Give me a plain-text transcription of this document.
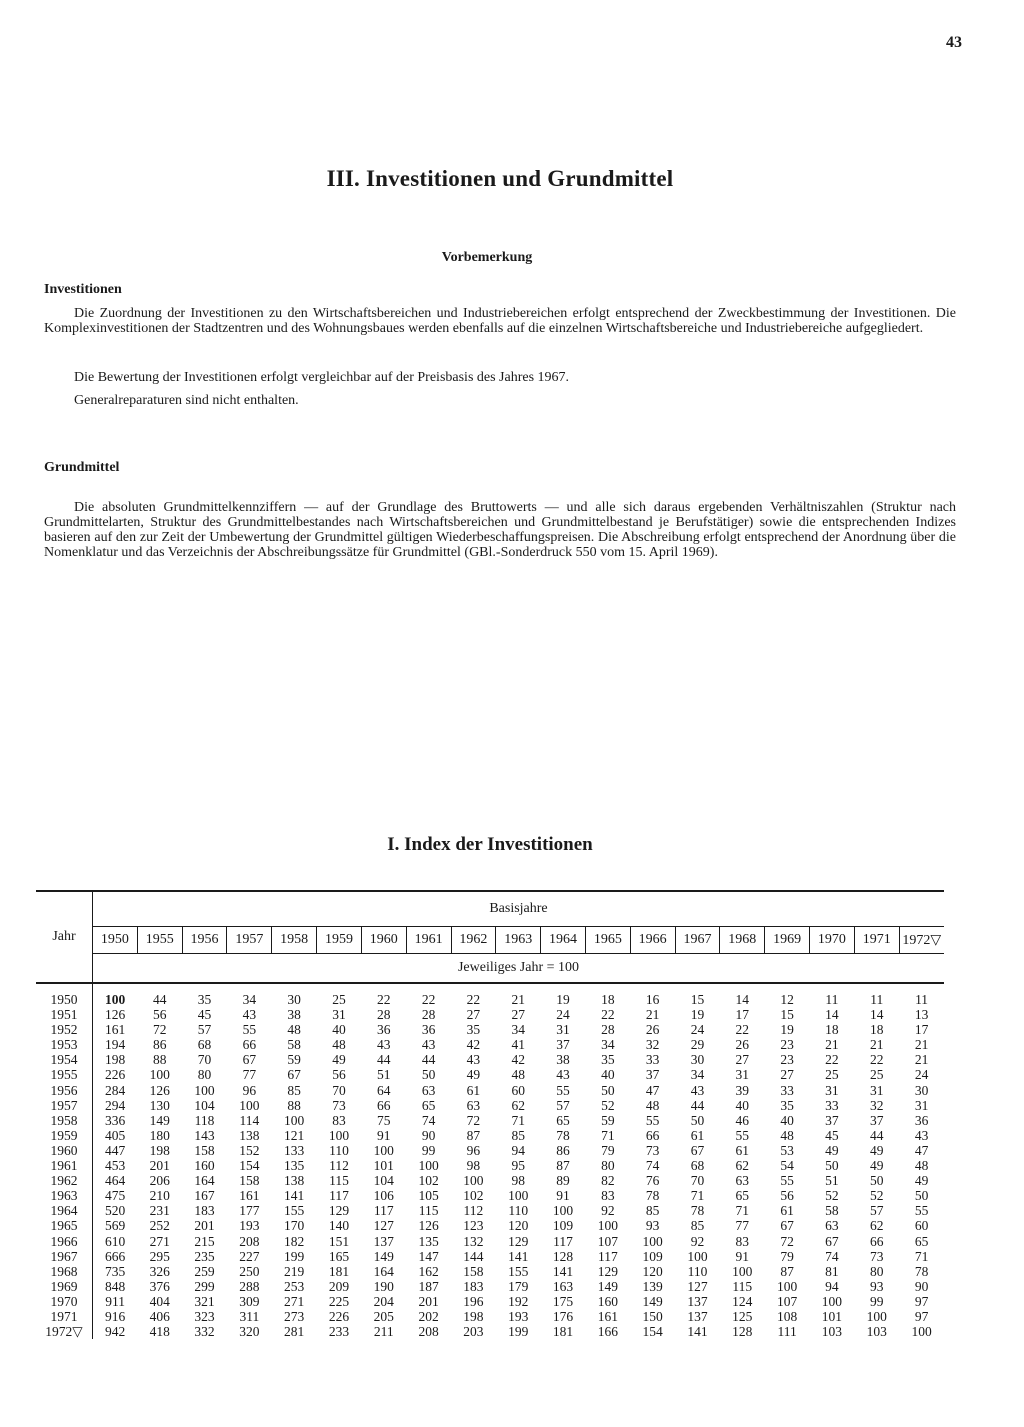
43
III. Investitionen und Grundmittel
Vorbemerkung
Investitionen

Die Zuordnung der Investitionen zu den Wirtschaftsbereichen und Industriebereichen erfolgt entsprechend der Zweckbestimmung der Investitionen. Die Komplexinvestitionen der Stadtzentren und des Wohnungsbaues werden ebenfalls auf die einzelnen Wirtschaftsbereiche und Industriebereiche aufgegliedert.

Die Bewertung der Investitionen erfolgt vergleichbar auf der Preisbasis des Jahres 1967.

Generalreparaturen sind nicht enthalten.

Grundmittel

Die absoluten Grundmittelkennziffern — auf der Grundlage des Bruttowerts — und alle sich daraus ergebenden Verhältniszahlen (Struktur nach Grundmittelarten, Struktur des Grundmittelbestandes nach Wirtschaftsbereichen und Grundmittelbestand je Berufstätiger) sowie die entsprechenden Indizes basieren auf den zur Zeit der Umbewertung der Grundmittel gültigen Wiederbeschaffungspreisen. Die Abschreibung erfolgt entsprechend der Anordnung über die Nomenklatur und das Verzeichnis der Abschreibungssätze für Grundmittel (GBl.-Sonderdruck 550 vom 15. April 1969).

I. Index der Investitionen
Jahr	Basisjahre																		
	1950	1955	1956	1957	1958	1959	1960	1961	1962	1963	1964	1965	1966	1967	1968	1969	1970	1971	1972▽
	Jeweiliges Jahr = 100																		

1950	100	44	35	34	30	25	22	22	22	21	19	18	16	15	14	12	11	11	11
1951	126	56	45	43	38	31	28	28	27	27	24	22	21	19	17	15	14	14	13
1952	161	72	57	55	48	40	36	36	35	34	31	28	26	24	22	19	18	18	17
1953	194	86	68	66	58	48	43	43	42	41	37	34	32	29	26	23	21	21	21
1954	198	88	70	67	59	49	44	44	43	42	38	35	33	30	27	23	22	22	21
1955	226	100	80	77	67	56	51	50	49	48	43	40	37	34	31	27	25	25	24
1956	284	126	100	96	85	70	64	63	61	60	55	50	47	43	39	33	31	31	30
1957	294	130	104	100	88	73	66	65	63	62	57	52	48	44	40	35	33	32	31
1958	336	149	118	114	100	83	75	74	72	71	65	59	55	50	46	40	37	37	36
1959	405	180	143	138	121	100	91	90	87	85	78	71	66	61	55	48	45	44	43
1960	447	198	158	152	133	110	100	99	96	94	86	79	73	67	61	53	49	49	47
1961	453	201	160	154	135	112	101	100	98	95	87	80	74	68	62	54	50	49	48
1962	464	206	164	158	138	115	104	102	100	98	89	82	76	70	63	55	51	50	49
1963	475	210	167	161	141	117	106	105	102	100	91	83	78	71	65	56	52	52	50
1964	520	231	183	177	155	129	117	115	112	110	100	92	85	78	71	61	58	57	55
1965	569	252	201	193	170	140	127	126	123	120	109	100	93	85	77	67	63	62	60
1966	610	271	215	208	182	151	137	135	132	129	117	107	100	92	83	72	67	66	65
1967	666	295	235	227	199	165	149	147	144	141	128	117	109	100	91	79	74	73	71
1968	735	326	259	250	219	181	164	162	158	155	141	129	120	110	100	87	81	80	78
1969	848	376	299	288	253	209	190	187	183	179	163	149	139	127	115	100	94	93	90
1970	911	404	321	309	271	225	204	201	196	192	175	160	149	137	124	107	100	99	97
1971	916	406	323	311	273	226	205	202	198	193	176	161	150	137	125	108	101	100	97
1972▽	942	418	332	320	281	233	211	208	203	199	181	166	154	141	128	111	103	103	100
